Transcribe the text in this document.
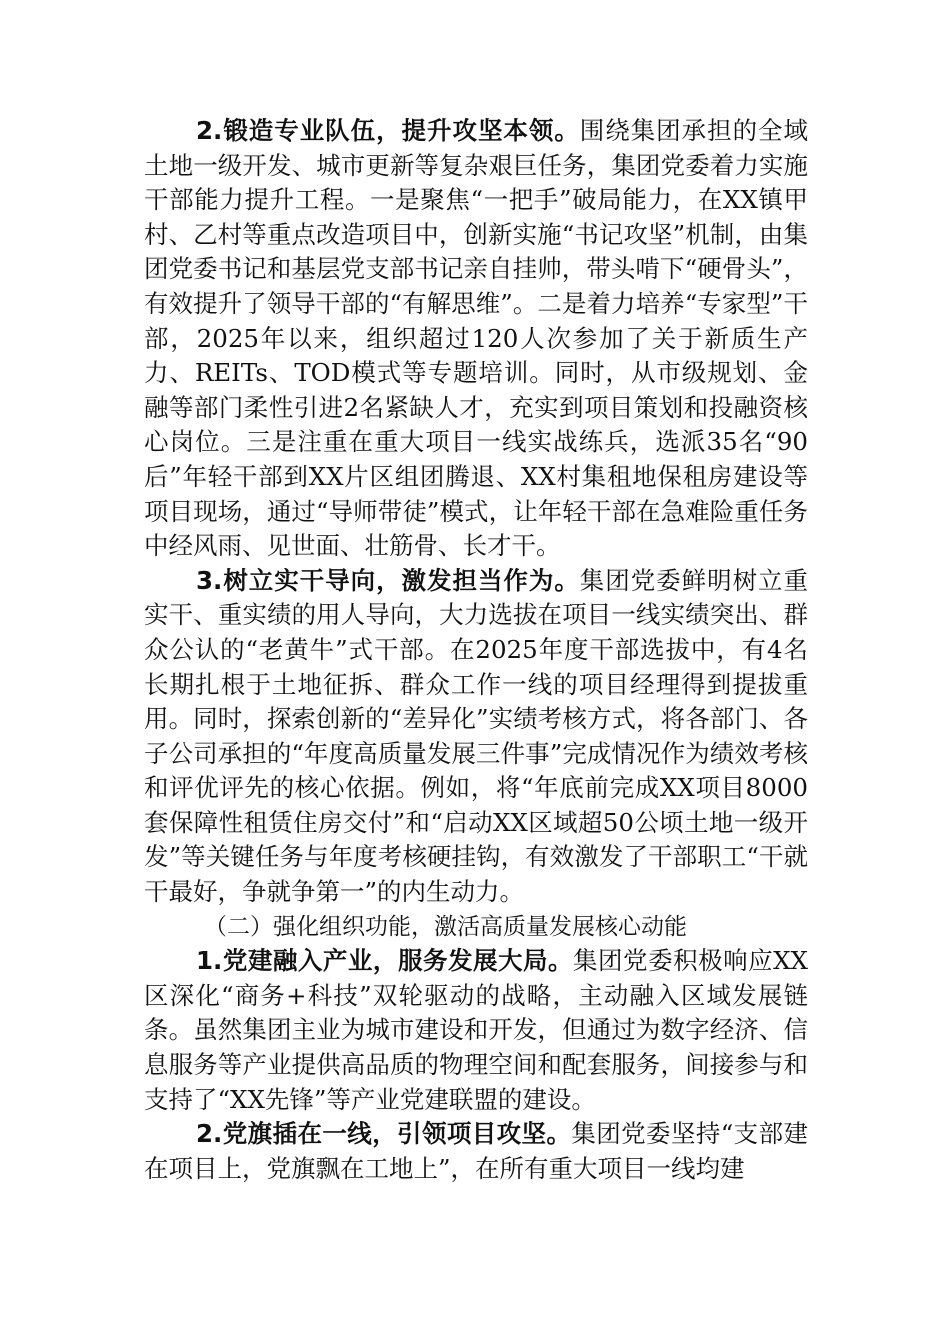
2.锻造专业队伍，提升攻坚本领。围绕集团承担的全域土地一级开发、城市更新等复杂艰巨任务，集团党委着力实施干部能力提升工程。一是聚焦“一把手”破局能力，在XX镇甲村、乙村等重点改造项目中，创新实施“书记攻坚”机制，由集团党委书记和基层党支部书记亲自挂帅，带头啃下“硬骨头”，有效提升了领导干部的“有解思维”。二是着力培养“专家型”干部，2025年以来，组织超过120人次参加了关于新质生产力、REITs、TOD模式等专题培训。同时，从市级规划、金融等部门柔性引进2名紧缺人才，充实到项目策划和投融资核心岗位。三是注重在重大项目一线实战练兵，选派35名“90后”年轻干部到XX片区组团腾退、XX村集租地保租房建设等项目现场，通过“导师带徒”模式，让年轻干部在急难险重任务中经风雨、见世面、壮筋骨、长才干。

3.树立实干导向，激发担当作为。集团党委鲜明树立重实干、重实绩的用人导向，大力选拔在项目一线实绩突出、群众公认的“老黄牛”式干部。在2025年度干部选拔中，有4名长期扎根于土地征拆、群众工作一线的项目经理得到提拔重用。同时，探索创新的“差异化”实绩考核方式，将各部门、各子公司承担的“年度高质量发展三件事”完成情况作为绩效考核和评优评先的核心依据。例如，将“年底前完成XX项目8000套保障性租赁住房交付”和“启动XX区域超50公顷土地一级开发”等关键任务与年度考核硬挂钩，有效激发了干部职工“干就干最好，争就争第一”的内生动力。

（二）强化组织功能，激活高质量发展核心动能

1.党建融入产业，服务发展大局。集团党委积极响应XX区深化“商务+科技”双轮驱动的战略，主动融入区域发展链条。虽然集团主业为城市建设和开发，但通过为数字经济、信息服务等产业提供高品质的物理空间和配套服务，间接参与和支持了“XX先锋”等产业党建联盟的建设。

2.党旗插在一线，引领项目攻坚。集团党委坚持“支部建在项目上，党旗飘在工地上”，在所有重大项目一线均建
